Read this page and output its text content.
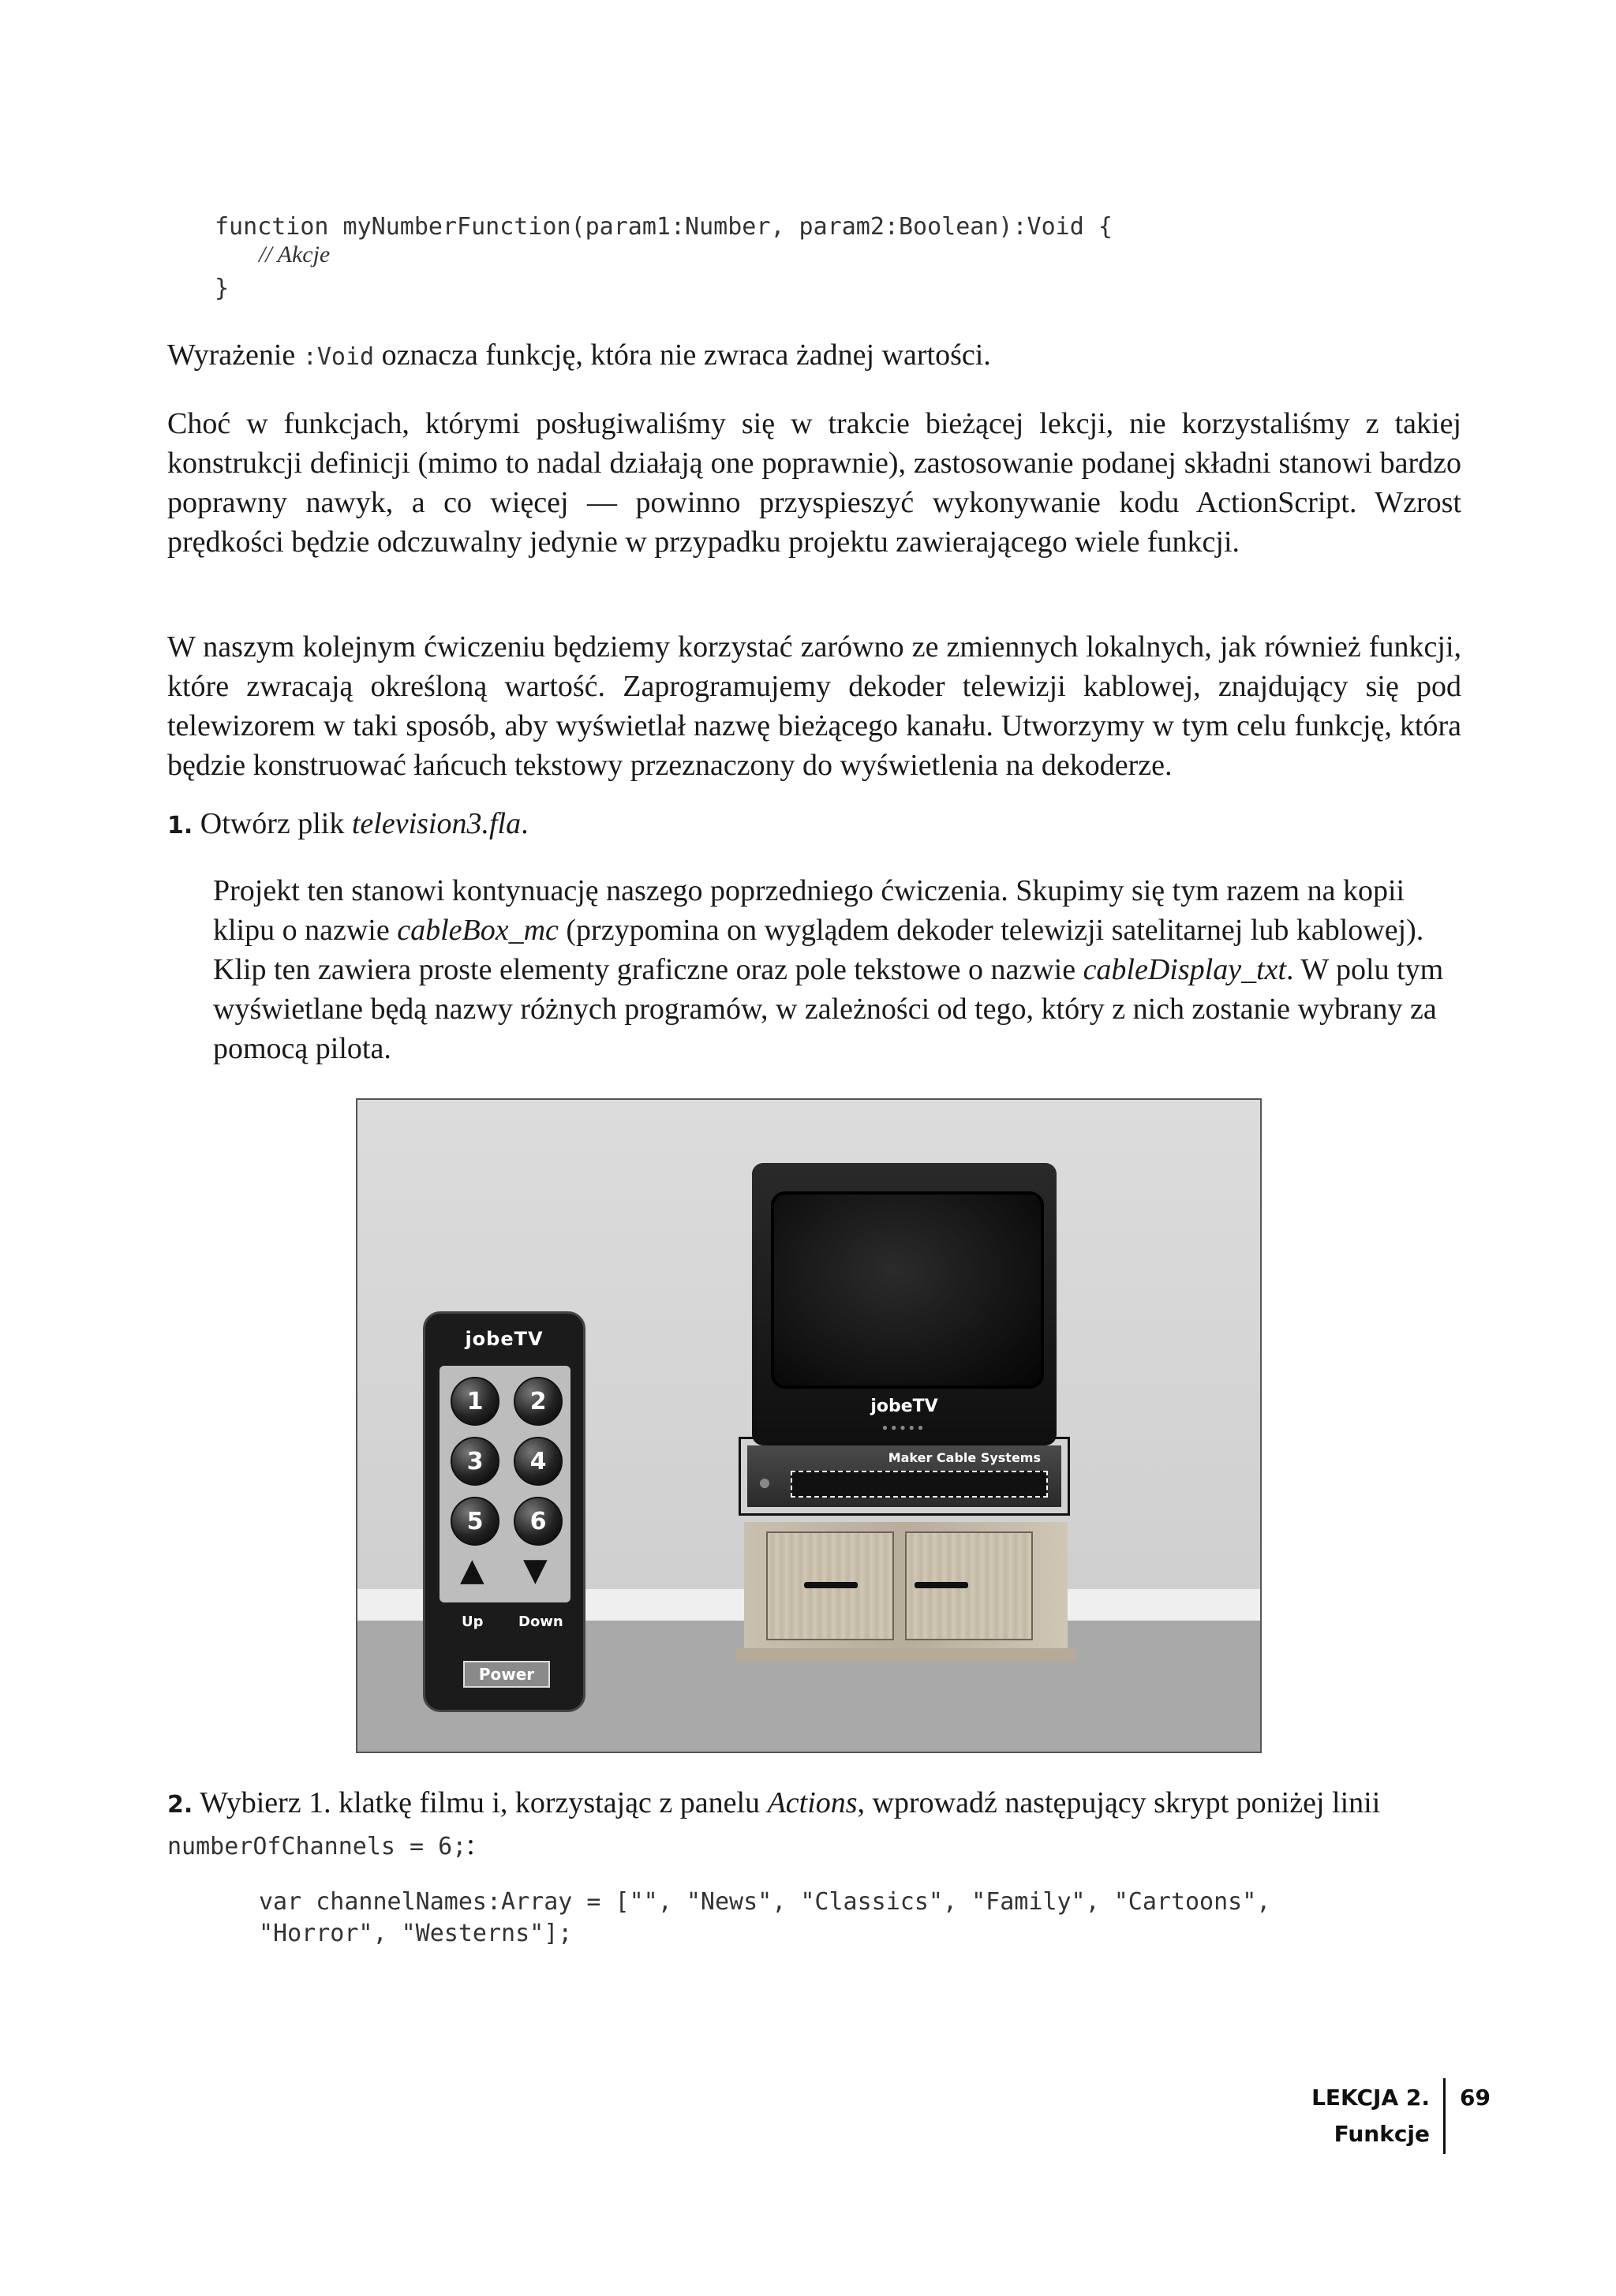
function myNumberFunction(param1:Number, param2:Boolean):Void {
// Akcje
}
Wyrażenie :Void oznacza funkcję, która nie zwraca żadnej wartości.
Choć w funkcjach, którymi posługiwaliśmy się w trakcie bieżącej lekcji, nie korzystaliśmy z takiej konstrukcji definicji (mimo to nadal działają one poprawnie), zastosowanie podanej składni stanowi bardzo poprawny nawyk, a co więcej — powinno przyspieszyć wykonywanie kodu ActionScript. Wzrost prędkości będzie odczuwalny jedynie w przypadku projektu zawierającego wiele funkcji.
W naszym kolejnym ćwiczeniu będziemy korzystać zarówno ze zmiennych lokalnych, jak również funkcji, które zwracają określoną wartość. Zaprogramujemy dekoder telewizji kablowej, znajdujący się pod telewizorem w taki sposób, aby wyświetlał nazwę bieżącego kanału. Utworzymy w tym celu funkcję, która będzie konstruować łańcuch tekstowy przeznaczony do wyświetlenia na dekoderze.
1. Otwórz plik television3.fla.
Projekt ten stanowi kontynuację naszego poprzedniego ćwiczenia. Skupimy się tym razem na kopii klipu o nazwie cableBox_mc (przypomina on wyglądem dekoder telewizji satelitarnej lub kablowej). Klip ten zawiera proste elementy graficzne oraz pole tekstowe o nazwie cableDisplay_txt. W polu tym wyświetlane będą nazwy różnych programów, w zależności od tego, który z nich zostanie wybrany za pomocą pilota.
jobeTV
1	2
3	4
5	6
▲ ▼
Up Down
Power
jobeTV
●●●●●
Maker Cable Systems
2. Wybierz 1. klatkę filmu i, korzystając z panelu Actions, wprowadź następujący skrypt poniżej linii numberOfChannels = 6;:
var channelNames:Array = ["", "News", "Classics", "Family", "Cartoons",
"Horror", "Westerns"];
LEKCJA 2.
Funkcje
69
